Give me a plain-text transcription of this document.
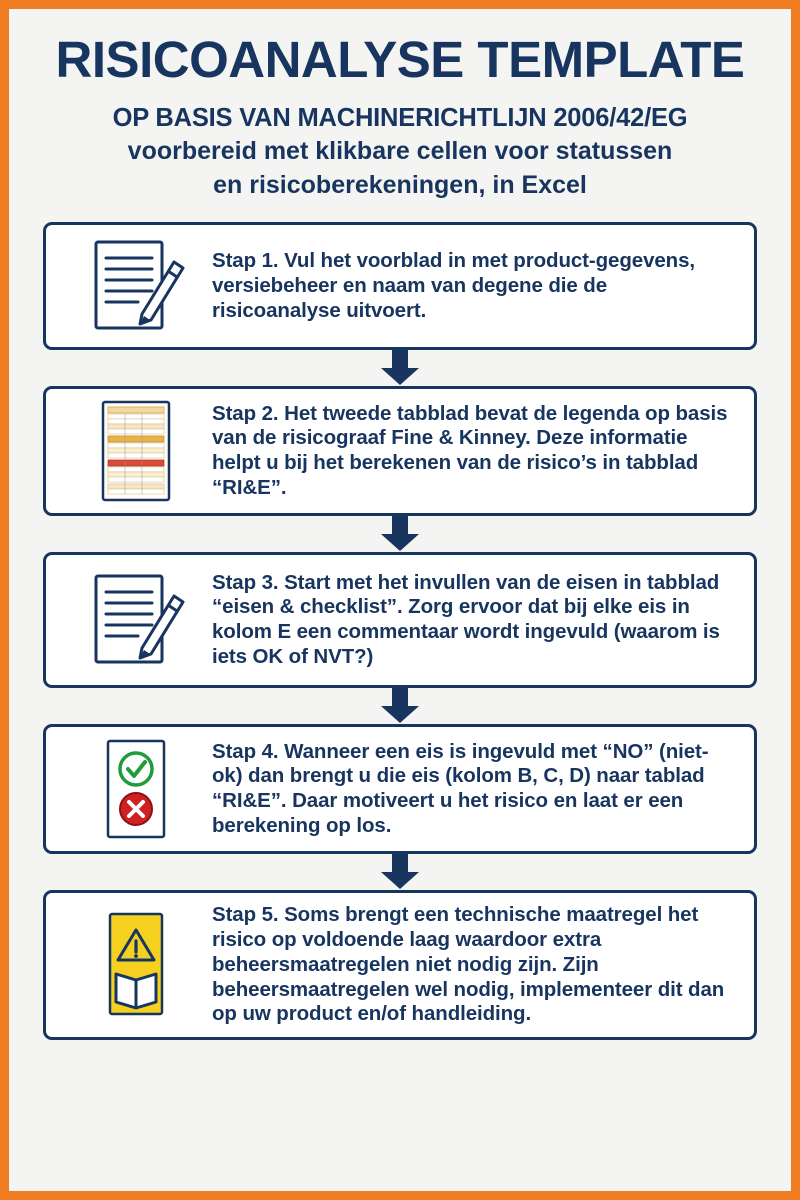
RISICOANALYSE TEMPLATE
OP BASIS VAN MACHINERICHTLIJN 2006/42/EG
voorbereid met klikbare cellen voor statussen
en risicoberekeningen, in Excel
Stap 1. Vul het voorblad in met product-gegevens, versiebeheer en naam van degene die de risicoanalyse uitvoert.
Stap 2. Het tweede tabblad bevat de legenda op basis van de risicograaf Fine & Kinney. Deze informatie helpt u bij het berekenen van de risico’s in tabblad “RI&E”.
Stap 3. Start met het invullen van de eisen in tabblad “eisen & checklist”. Zorg ervoor dat bij elke eis in kolom E een commentaar wordt ingevuld (waarom is iets OK of NVT?)
Stap 4. Wanneer een eis is ingevuld met “NO” (niet-ok) dan brengt u die eis (kolom B, C, D) naar tablad “RI&E”. Daar motiveert u het risico en laat er een berekening op los.
Stap 5. Soms brengt een technische maatregel het risico op voldoende laag waardoor extra beheersmaatregelen niet nodig zijn. Zijn beheersmaatregelen wel nodig, implementeer dit dan op uw product en/of handleiding.
